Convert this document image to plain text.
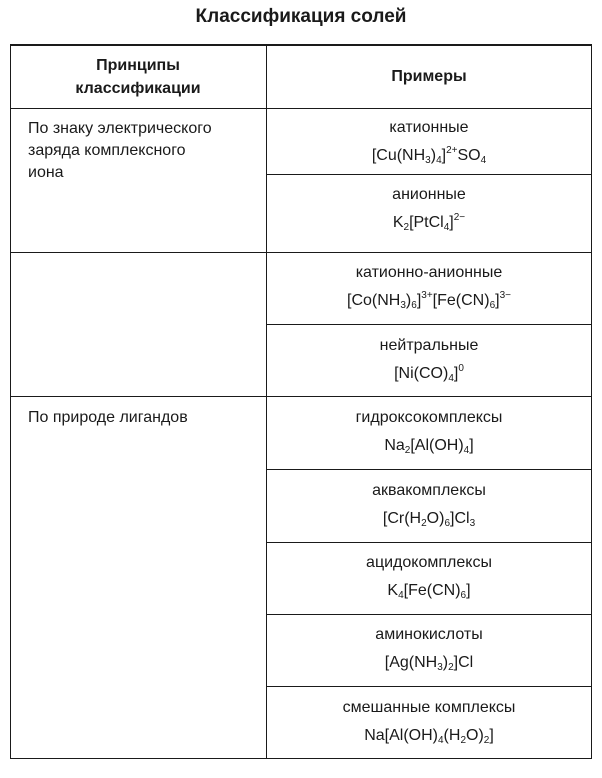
Классификация солей
Принципы
классификации
Примеры
По знаку электрического
заряда комплексного
иона
По природе лигандов
катионные
$[Cu(NH_3)_4]^{2+}SO_4$
анионные
$K_2[PtCl_4]^{2-}$
катионно-анионные
$[Co(NH_3)_6]^{3+}[Fe(CN)_6]^{3-}$
нейтральные
$[Ni(CO)_4]^0$
гидроксокомплексы
$Na_2[Al(OH)_4]$
аквакомплексы
$[Cr(H_2O)_6]Cl_3$
ацидокомплексы
$K_4[Fe(CN)_6]$
аминокислоты
$[Ag(NH_3)_2]Cl$
смешанные комплексы
$Na[Al(OH)_4(H_2O)_2]$
